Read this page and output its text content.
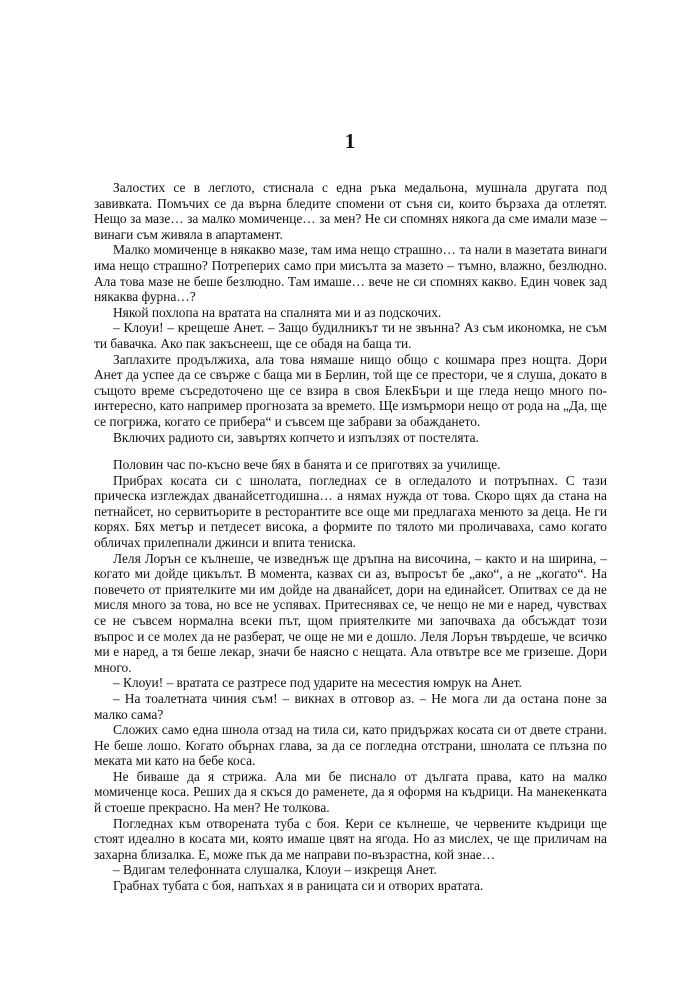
1

Залостих се в леглото, стиснала с една ръка медальона, мушнала другата под завивката. Помъчих се да върна бледите спомени от съня си, които бързаха да отлетят. Нещо за мазе… за малко момиченце… за мен? Не си спомнях някога да сме имали мазе – винаги съм живяла в апартамент.

Малко момиченце в някакво мазе, там има нещо страшно… та нали в мазетата винаги има нещо страшно? Потреперих само при мисълта за мазето – тъмно, влажно, безлюдно. Ала това мазе не беше безлюдно. Там имаше… вече не си спомнях какво. Един човек зад някаква фурна…?

Някой похлопа на вратата на спалнята ми и аз подскочих.

– Клоуи! – крещеше Анет. – Защо будилникът ти не звънна? Аз съм икономка, не съм ти бавачка. Ако пак закъснееш, ще се обадя на баща ти.

Заплахите продължиха, ала това нямаше нищо общо с кошмара през нощта. Дори Анет да успее да се свърже с баща ми в Берлин, той ще се престори, че я слуша, докато в същото време съсредоточено ще се взира в своя БлекБъри и ще гледа нещо много по-интересно, като например прогнозата за времето. Ще измърмори нещо от рода на „Да, ще се погрижа, когато се прибера“ и съвсем ще забрави за обаждането.

Включих радиото си, завъртях копчето и изпълзях от постелята.

Половин час по-късно вече бях в банята и се приготвях за училище.

Прибрах косата си с шнолата, погледнах се в огледалото и потръпнах. С тази прическа изглеждах дванайсетгодишна… а нямах нужда от това. Скоро щях да стана на петнайсет, но сервитьорите в ресторантите все още ми предлагаха менюто за деца. Не ги корях. Бях метър и петдесет висока, а формите по тялото ми проличаваха, само когато обличах прилепнали джинси и впита тениска.

Леля Лорън се кълнеше, че изведнъж ще дръпна на височина, – както и на ширина, – когато ми дойде цикълът. В момента, казвах си аз, въпросът бе „ако“, а не „когато“. На повечето от приятелките ми им дойде на дванайсет, дори на единайсет. Опитвах се да не мисля много за това, но все не успявах. Притеснявах се, че нещо не ми е наред, чувствах се не съвсем нормална всеки път, щом приятелките ми започваха да обсъждат този въпрос и се молех да не разберат, че още не ми е дошло. Леля Лорън твърдеше, че всичко ми е наред, а тя беше лекар, значи бе наясно с нещата. Ала отвътре все ме гризеше. Дори много.

– Клоуи! – вратата се разтресе под ударите на месестия юмрук на Анет.

– На тоалетната чиния съм! – викнах в отговор аз. – Не мога ли да остана поне за малко сама?

Сложих само една шнола отзад на тила си, като придържах косата си от двете страни. Не беше лошо. Когато обърнах глава, за да се погледна отстрани, шнолата се плъзна по меката ми като на бебе коса.

Не биваше да я стрижа. Ала ми бе писнало от дългата права, като на малко момиченце коса. Реших да я скъся до раменете, да я оформя на къдрици. На манекенката й стоеше прекрасно. На мен? Не толкова.

Погледнах към отворената туба с боя. Кери се кълнеше, че червените къдрици ще стоят идеално в косата ми, която имаше цвят на ягода. Но аз мислех, че ще приличам на захарна близалка. Е, може пък да ме направи по-възрастна, кой знае…

– Вдигам телефонната слушалка, Клоуи – изкрещя Анет.

Грабнах тубата с боя, напъхах я в раницата си и отворих вратата.
